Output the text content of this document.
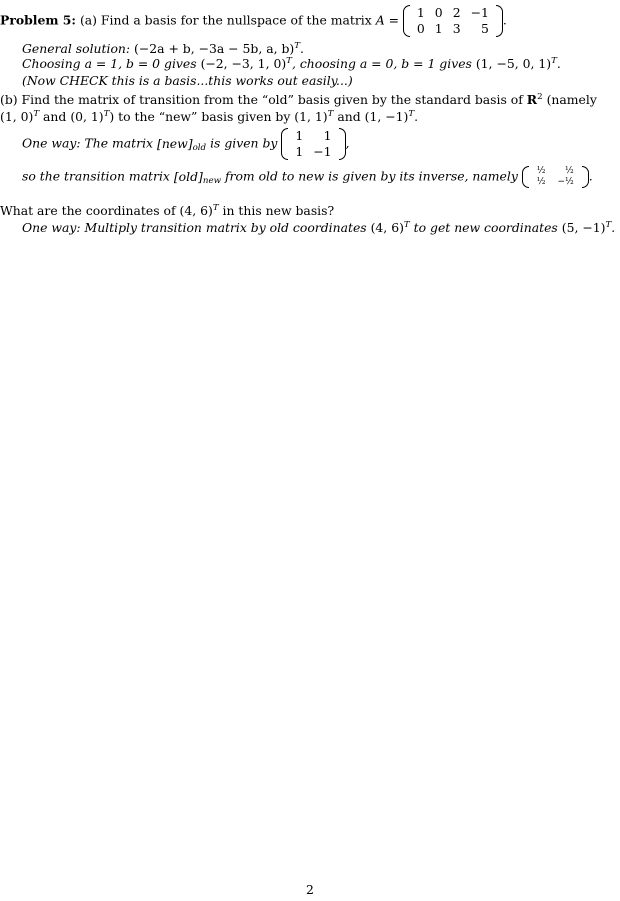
Problem 5: (a) Find a basis for the nullspace of the matrix A = 1	0	2	−1
0	1	3	5
.
General solution: (−2a + b, −3a − 5b, a, b)$^T$.
Choosing a = 1, b = 0 gives (−2, −3, 1, 0)$^T$, choosing a = 0, b = 1 gives (1, −5, 0, 1)$^T$.
(Now CHECK this is a basis...this works out easily...)
(b) Find the matrix of transition from the “old” basis given by the standard basis of $R^2$ (namely
(1, 0)$^T$ and (0, 1)$^T$) to the “new” basis given by (1, 1)$^T$ and (1, −1)$^T$.
One way: The matrix $[new]_{old}$ is given by 1	1
1	−1
,
so the transition matrix $[old]_{new}$ from old to new is given by its inverse, namely ½	½
½	−½ .
What are the coordinates of (4, 6)$^T$ in this new basis?
One way: Multiply transition matrix by old coordinates (4, 6)$^T$ to get new coordinates (5, −1)$^T$.
2
